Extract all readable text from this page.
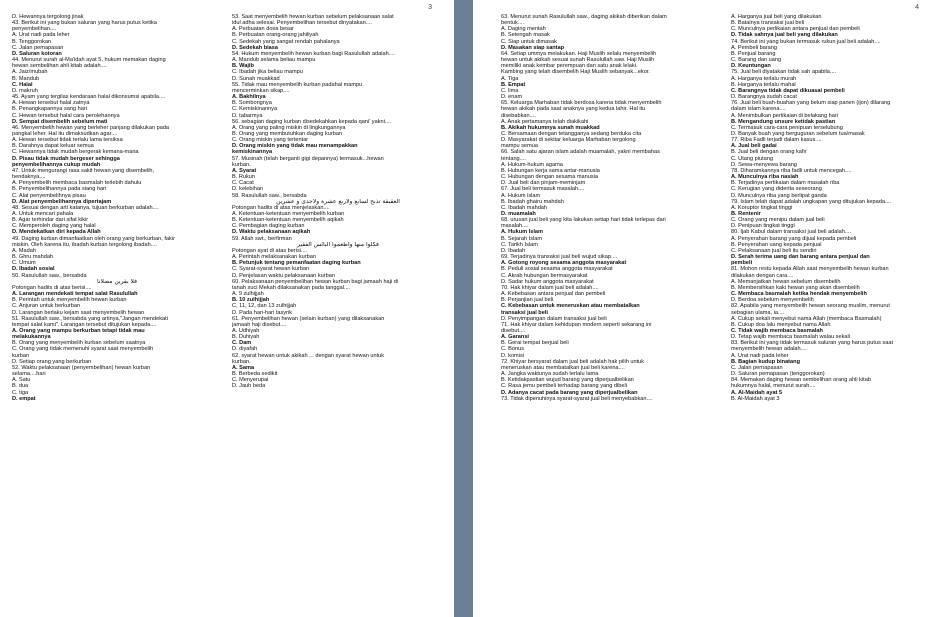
3
D. Hewannya tergolong jinak
43. Berikut ini yang bukan saluran yang harus putus ketika
penyembelihan....
A. Urat nadi pada leher
B. Tenggorokan
C. Jalan pemapasan
D. Saluran kotoran
44. Menurut surah al-Ma'idah ayat 5, hukum memakan daging
hewan sembelihan ahli kitab adalah....
A. Jaiz/mubah
B. Mandub
C. Halal
D. makruh
45. Ayam yang tergilas kendaraan halal dikonsumsi apabila....
A. Hewan tersebut halal zatnya
B. Penangkapannya sang hari
C. Hewan tersebut halal cara perolehannya
D. Sempat disembelih sebelum mati
46. Menyembelih hewan yang berleher panjang dilakukan pada
pangkal leher. Hal itu dimaksudkan agar....
A. Hewan tersebut tidak terlalu lama tersiksa
B. Darahnya dapat keluar semua
C. Hewannya tidak mudah bergerak kemana-mana
D. Pisau tidak mudah bergeser sehingga
penyembelihannya cukup mudah
47. Untuk mengurangi rasa sakit hewan yang disembelih,
hendaknya....
A. Penyembelih membaca basmalah terlebih dahulu
B. Penyembelihannya pada siang hari
C. Alat penyembelihnya pisau
D. Alat penyembelihannya dipertajam
48. Sesuai dengan arti katanya, tujuan berkurban adalah....
A. Untuk mencari pahala
B. Agar terhindar dari sifat kikir
C. Memperoleh daging yang halal
D. Mendekatkan diri kepada Allah
49. Daging kurban dimanfaatkan oleh orang yang berkurban, fakir
miskin. Oleh karena itu, ibadah kurban tergolong ibadah....
A. Madah
B. Ghru mahdah
C. Umum
D. Ibadah sosial
50. Rasulullah saw., bersabda
فلا يقربن مصلانا
Potongan hadits di atas berisi....
A. Larangan mendekati tempat salat Rasulullah
B. Perintah untuk menyembelih hewan kurban
C. Anjuran untuk berkurban
D. Larangan berlaku kejam saat menyembelih hewan
51. Rasulullah saw., bersabda yang artinya,"Jangan mendekati
tempat salat kami". Larangan tersebut ditujukan kepada....
A. Orang yang mampu berkurban tetapi tidak mau
melakukannya
B. Orang yang menyembelih kurban sebelum saatnya
C. Orang yang tidak memenuhi syarat saat menyembelih
kurban
D. Setiap orang yang berkurban
52. Waktu pelaksanaan (penyembelihan) hewan kurban
selama....hari
A. Satu
B. dua
C. tiga
D. empat
53. Saat menyembelih hewan kurban sebelum pelaksanaan salat
idul adha selesai. Penyembelihan tersebut dinyatakan....
A. Perbuatan dosa besar
B. Perbuatan orang-orang jahiliyah
C. Sedekah yang sangat rendah pahalanya
D. Sedekah biasa
54. Hukum menyembelih hewan kurban bagi Rasulullah adalah....
A. Mandub selama beliau mampu
B. Wajib
C. Ibadah jika beliau mampu
D. Sunah muakkad
55. Tidak mau menyembelih kurban padahal mampu
mencerminkan sikap....
A. Bakhilnya
B. Sombongnya
C. Kemiskinannya
D. tabarmya
56. sebagian daging kurban disedekahkan kepada qani' yakni....
A. Orang yang paling miskin di lingkungannya
B. Orang yang membutuhkan daging kurban
C. Orang miskin yang tertentar
D. Orang miskin yang tidak mau menampakkan
kemiskinannya
57. Musinah (telah berganti gigi depannya) termasuk...hewan
kurban.
A. Syarat
B. Rukun
C. Cacat
D. kelebihan
58. Rasulullah saw., bersabda
العقيقة تذبح لسابع ولاربع عشرة ولاحدى و عشرين
Potongan hadits di atas menjelaskan....
A. Ketentuan-ketentuan menyembelih kurban
B. Ketentuan-ketentuan menyembelih aqikah
C. Pembagian daging kurban
D. Waktu pelaksanaan aqikah
59. Allah swt., berfirman
فكلوا منها واطعموا البائس الفقير
Potongan ayat di atas berisi....
A. Perintah melaksanakan kurban
B. Petunjuk tentang pemanfaatan daging kurban
C. Syarat-syarat hewan kurban
D. Penjelasan waktu pelaksanaan kurban
60. Pelaksanaan penyembelihan hewan kurban bagi jamaah haji di
tanah suci Mekah dilaksanakan pada tanggal....
A. 9 zulhijjah
B. 10 zulhijjah
C. 11, 12, dan 13 zulhijjah
D. Pada hari-hari tasyrik
61. Penyembelihan hewan (selain kurban) yang dilaksanakan
jamaah haji disebut....
A. Udhiyah
B. Duhiyah
C. Dam
D. diyafah
62. syarat hewan untuk akikah ... dengan syarat hewan untuk
kurban.
A. Sama
B. Berbeda sedikit
C. Menyerupai
D. Jauh beda
4
63. Menurut sunah Rasulullah saw., daging akikah diberikan dalam
bentuk....
A. Daging mentah
B. Setengah masak
C. Siap untuk dimasak
D. Masakan siap santap
64. Setiap ummya melakukan. Haji Muslih selalu menyembelih
hewan untuk akikah sesuai sunah Rasulullah saw. Haji Muslih
memiliki anak kembar perempuan dan satu anak lelaki.
Kambing yang telah disembelih Haji Muslih sebanyak...ekor.
A. Tiga
B. Empat
C. lima
D. enam
65. Keluarga Marhaban tidak berdosa karena tidak menyembelih
hewan akikah pada saat anaknya yang kedua lahir. Hal itu
disebabkan....
A. Anak pertamanya telah diakikahi
B. Akikah hukumnya sunah muakkad
C. Bersamaan dengan tetangganya sedang berduka cita
D. Masyarakat di sekitar keluarga Marhaban tergolong
mampu semua
66. Salah satu ajaran islam adalah muamalah, yakni membahas
tentang....
A. Hukum-hukum agama
B. Hubungan kerja sama antar-manusia
C. Hubungan dengan sesama manusia
D. Jual beli dan pinjam-meminjam
67. Jual beli termasuk masalah....
A. Hukum islam
B. Ibadah ghairu mahdah
C. Ibadah mahdah
D. muamalah
68. urusan jual beli yang kita lakukan setiap hari tidak terlepas dari
masalah....
A. Hukum Islam
B. Sejarah Islam
C. Tarikh Islam
D. Ibadah
69. Terjadinya transaksi jual beli wujud sikap....
A. Gotong royong sesama anggota masyarakat
B. Peduli sosial sesama anggota masyarakat
C. Akrab hubungan bermasyarakat
D. Sadar hukum anggota masyarakat
70. Hak khiyar dalam jual beli adalah....
A. Kebebasan antara penjual dan pembeli
B. Perjanjian jual beli
C. Kebebasan untuk meneruskan atau membatalkan
transaksi jual beli
D. Penyimpangan dalam transaksi jual beli
71. Hak khiyar dalam kehidupan modern seperti sekarang ini
disebut....
A. Garansi
B. Gerai tempat berjual beli
C. Bonus
D. komisi
72. Khiyar bersyarat dalam jual beli adalah hak pilih untuk
meneruskan atau membatalkan jual beli karena....
A. Jangka waktunya sudah terlalu lama
B. Ketidakpastian wujud barang yang diperjualbelikan
C. Rasa jemu pembeli terhadap barang yang dibeli
D. Adanya cacat pada barang yang diperjualbelikan
73. Tidak dipenuhinya syarat-syarat jual beli menyebabkan....
A. Harganya jual beli yang dilakukan
B. Batalnya transaksi jual beli
C. Munculnya perlikaian antara penjual dan pembeli
D. Tidak sahnya jual beli yang dilakukan
74. Berikut ini yang bukan termasuk rukun jual beli adalah....
A. Pembeli barang
B. Penjual barang
C. Barang dan uang
D. Keuntungan
75. Jual beli diyatakan tidak sah apabila....
A. Harganya terlalu murah
B. Harganya terlalu mahal
C. Barangnya tidak dapat dikuasai pembeli
D. Barangnya sudah cacat
76. Jual beli buah-buahan yang belum siap panen (ijon) dilarang
dalam islam karena....
A. Menimbulkan pertikaian di belakang hari
B. Mengandung unsure ketidak pastian
C. Termasuk cara-cara penipuan terselubung
D. Banyak buah yang berguguran sebelum tua/masak
77. Riba Fadli terjadi dalam kasus....
A. Jual beli gadai
B. Jual beli dengan orang kafir
C. Utang piutang
D. Sewa-menyewa barang
78. Diharamkannya riba fadli untuk mencegah....
A. Munculnya riba nasiah
B. Terjadinya pertikaian dalam masalah riba
C. Kerugian yang diderita seseorang
D. Munculnya riba yang berlipat ganda
79. Islam telah dapat adalah ungkapan yang ditujukan kepada....
A. Koruptor tingkat tinggi
B. Rentenir
C. Orang yang menipu dalam jual beli
D. Penipuan tingkat tinggi
80. Ijab Kabul dalam transaksi jual beli adalah....
A. Penyerahan barang yang dijual kepada pembeli
B. Penyerahan uang kepada penjual
C. Pelaksanaan jual beli itu sendiri
D. Serah terima uang dan barang antara penjual dan
pembeli
81. Mohon restu kepada Allah saat menyembelih hewan kurban
dilakukan dengan cara....
A. Memanjatkan hewan sebelum disembelih
B. Membersihkan kaki hewan yang akan disembelih
C. Membaca basmalah ketika hendak menyembelih
D. Berdoa sebelum menyembelih
82. Apabila yang menyembelih hewan seorang muslim, menurut
sebagian ulama, ia....
A. Cukup sekali menyebut nama Allah (membaca Basmalah)
B. Cukup doa lalu menyebut nama Allah
C. Tidak wajib membaca basmalah
D. Tetap wajib membaca basmalah walau sekali
83. Berikut ini yang tidak termasuk saluran yang harus putus saat
menyembelih hewan adalah....
A. Urat nadi pada leher
B. Bagian kudup binatang
C. Jalan pernapasan
D. Saluran pemapasan (tenggorokan)
84. Memakan daging hewan sembelihan orang ahli kitab
hukumnya halal, menurut surah....
A. Al-Maidah ayat 5
B. Al-Maidah ayat 3
